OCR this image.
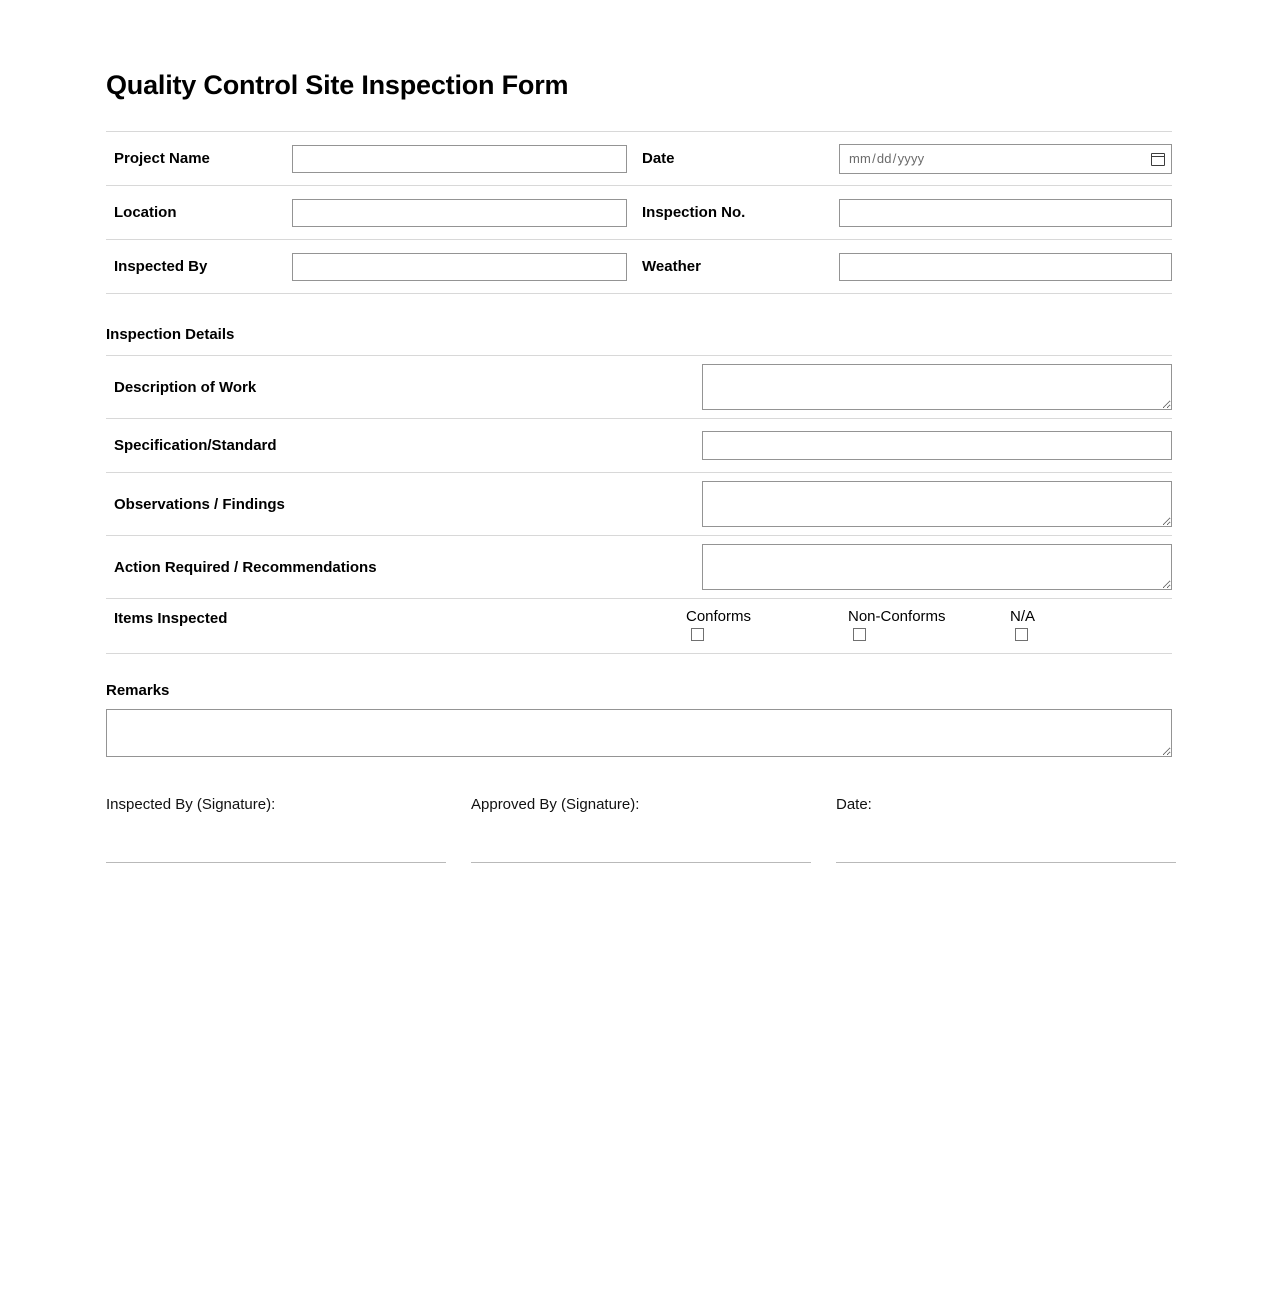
Quality Control Site Inspection Form
Project Name	Date	mm/dd/yyyy
Location	Inspection No.
Inspected By	Weather
Inspection Details
Description of Work
Specification/Standard
Observations / Findings
Action Required / Recommendations
Items Inspected	Conforms	Non-Conforms	N/A
Remarks
Inspected By (Signature):	Approved By (Signature):	Date:
